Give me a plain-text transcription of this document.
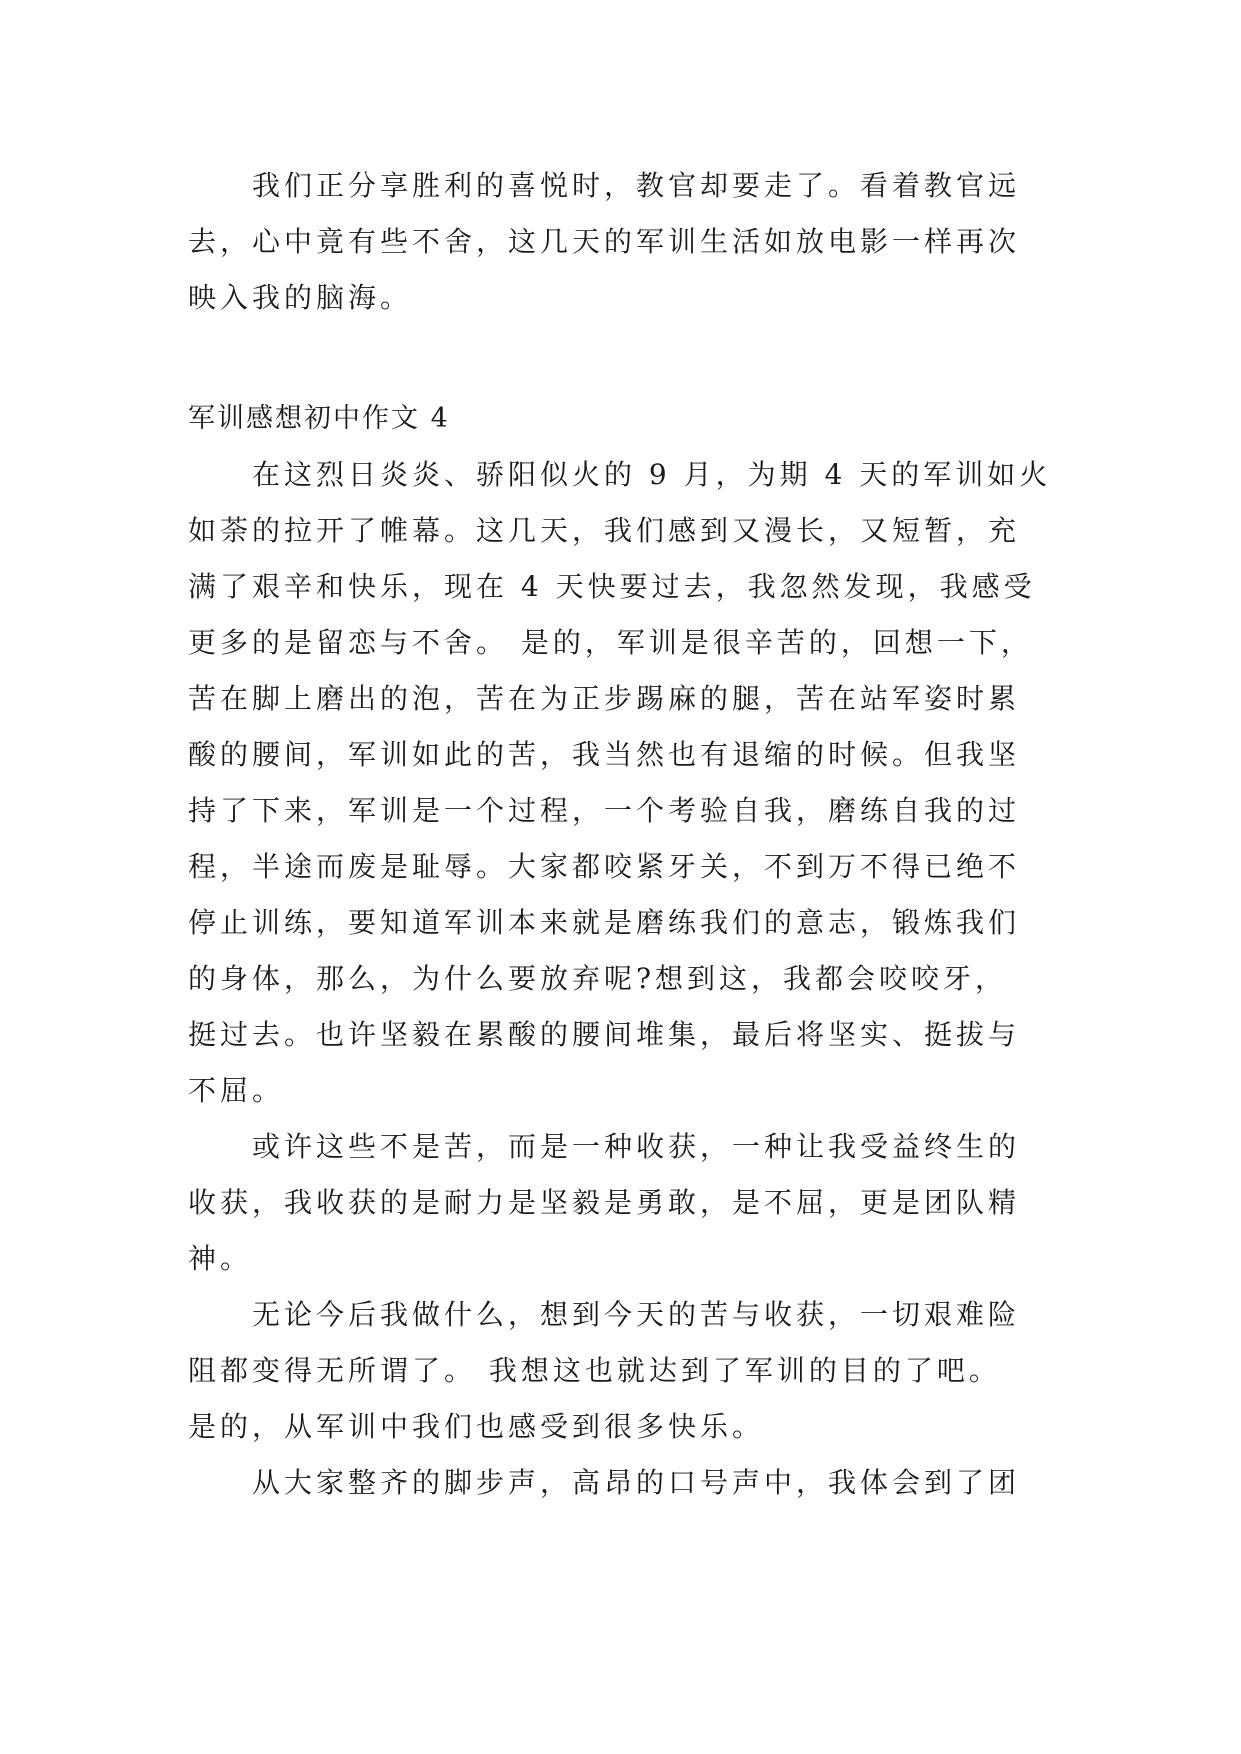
　　我们正分享胜利的喜悦时，教官却要走了。看着教官远
去，心中竟有些不舍，这几天的军训生活如放电影一样再次
映入我的脑海。
军训感想初中作文 4
　　在这烈日炎炎、骄阳似火的 9 月，为期 4 天的军训如火
如荼的拉开了帷幕。这几天，我们感到又漫长，又短暂，充
满了艰辛和快乐，现在 4 天快要过去，我忽然发现，我感受
更多的是留恋与不舍。 是的，军训是很辛苦的，回想一下，
苦在脚上磨出的泡，苦在为正步踢麻的腿，苦在站军姿时累
酸的腰间，军训如此的苦，我当然也有退缩的时候。但我坚
持了下来，军训是一个过程，一个考验自我，磨练自我的过
程，半途而废是耻辱。大家都咬紧牙关，不到万不得已绝不
停止训练，要知道军训本来就是磨练我们的意志，锻炼我们
的身体，那么，为什么要放弃呢?想到这，我都会咬咬牙，
挺过去。也许坚毅在累酸的腰间堆集，最后将坚实、挺拔与
不屈。
　　或许这些不是苦，而是一种收获，一种让我受益终生的
收获，我收获的是耐力是坚毅是勇敢，是不屈，更是团队精
神。
　　无论今后我做什么，想到今天的苦与收获，一切艰难险
阻都变得无所谓了。 我想这也就达到了军训的目的了吧。
是的，从军训中我们也感受到很多快乐。
　　从大家整齐的脚步声，高昂的口号声中，我体会到了团
